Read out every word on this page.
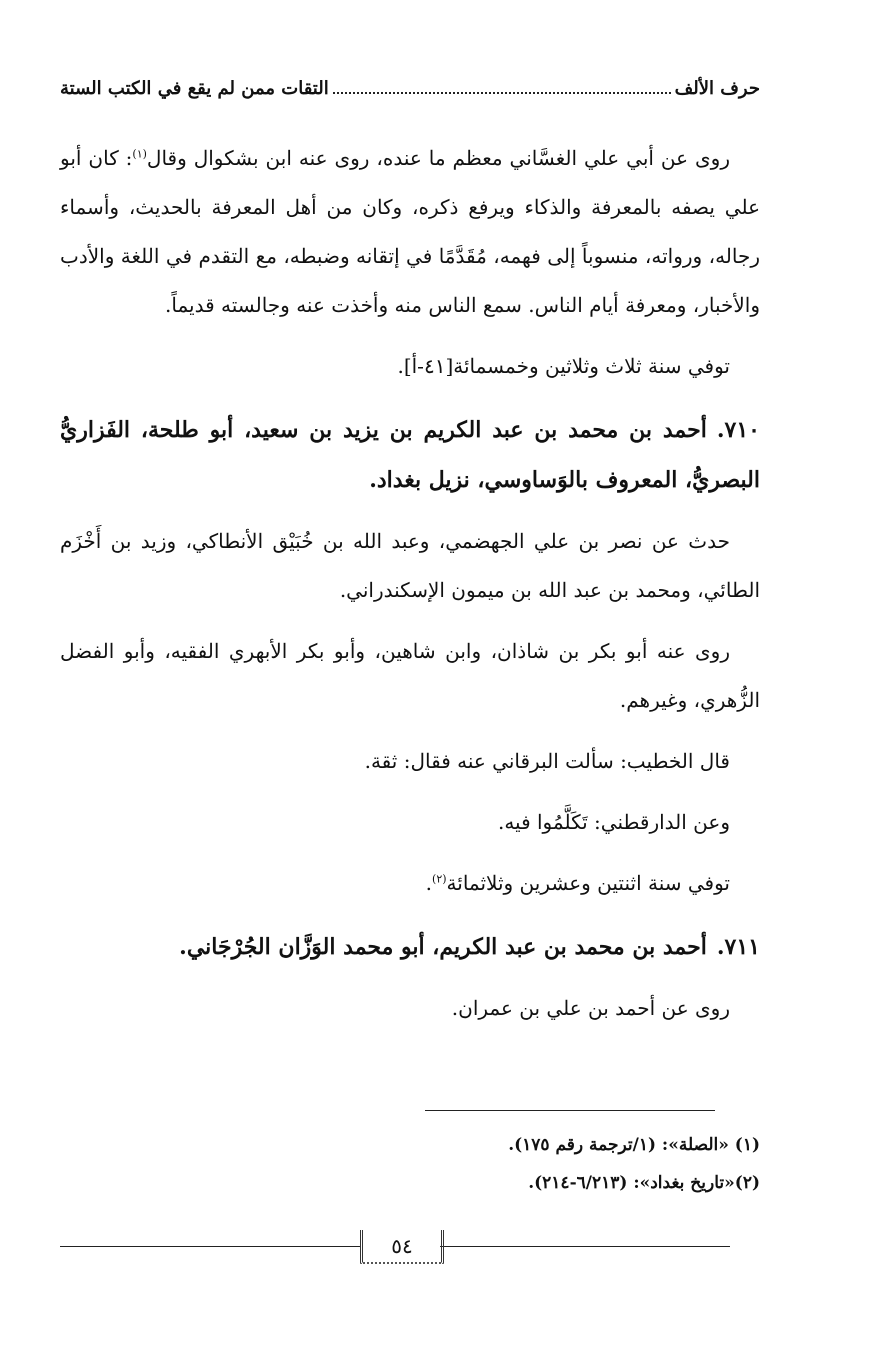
حرف الألف
التقات ممن لم يقع في الكتب الستة

روى عن أبي علي الغسَّاني معظم ما عنده، روى عنه ابن بشكوال وقال$^{(١)}$: كان أبو علي يصفه بالمعرفة والذكاء ويرفع ذكره، وكان من أهل المعرفة بالحديث، وأسماء رجاله، ورواته، منسوباً إلى فهمه، مُقَدَّمًا في إتقانه وضبطه، مع التقدم في اللغة والأدب والأخبار، ومعرفة أيام الناس. سمع الناس منه وأخذت عنه وجالسته قديماً.

توفي سنة ثلاث وثلاثين وخمسمائة[٤١-أ].

٧١٠.أحمد بن محمد بن عبد الكريم بن يزيد بن سعيد، أبو طلحة، الفَزاريُّ البصريُّ، المعروف بالوَساوسي، نزيل بغداد.

حدث عن نصر بن علي الجهضمي، وعبد الله بن خُبَيْق الأنطاكي، وزيد بن أَخْزَم الطائي، ومحمد بن عبد الله بن ميمون الإسكندراني.

روى عنه أبو بكر بن شاذان، وابن شاهين، وأبو بكر الأبهري الفقيه، وأبو الفضل الزُّهري، وغيرهم.

قال الخطيب: سألت البرقاني عنه فقال: ثقة.

وعن الدارقطني: تَكَلَّمُوا فيه.

توفي سنة اثنتين وعشرين وثلاثمائة$^{(٢)}$.

٧١١.أحمد بن محمد بن عبد الكريم، أبو محمد الوَزَّان الجُرْجَاني.

روى عن أحمد بن علي بن عمران.

(١) «الصلة»: (١/ترجمة رقم ١٧٥).
(٢)«تاريخ بغداد»: (٦/٢١٣-٢١٤).
٥٤
